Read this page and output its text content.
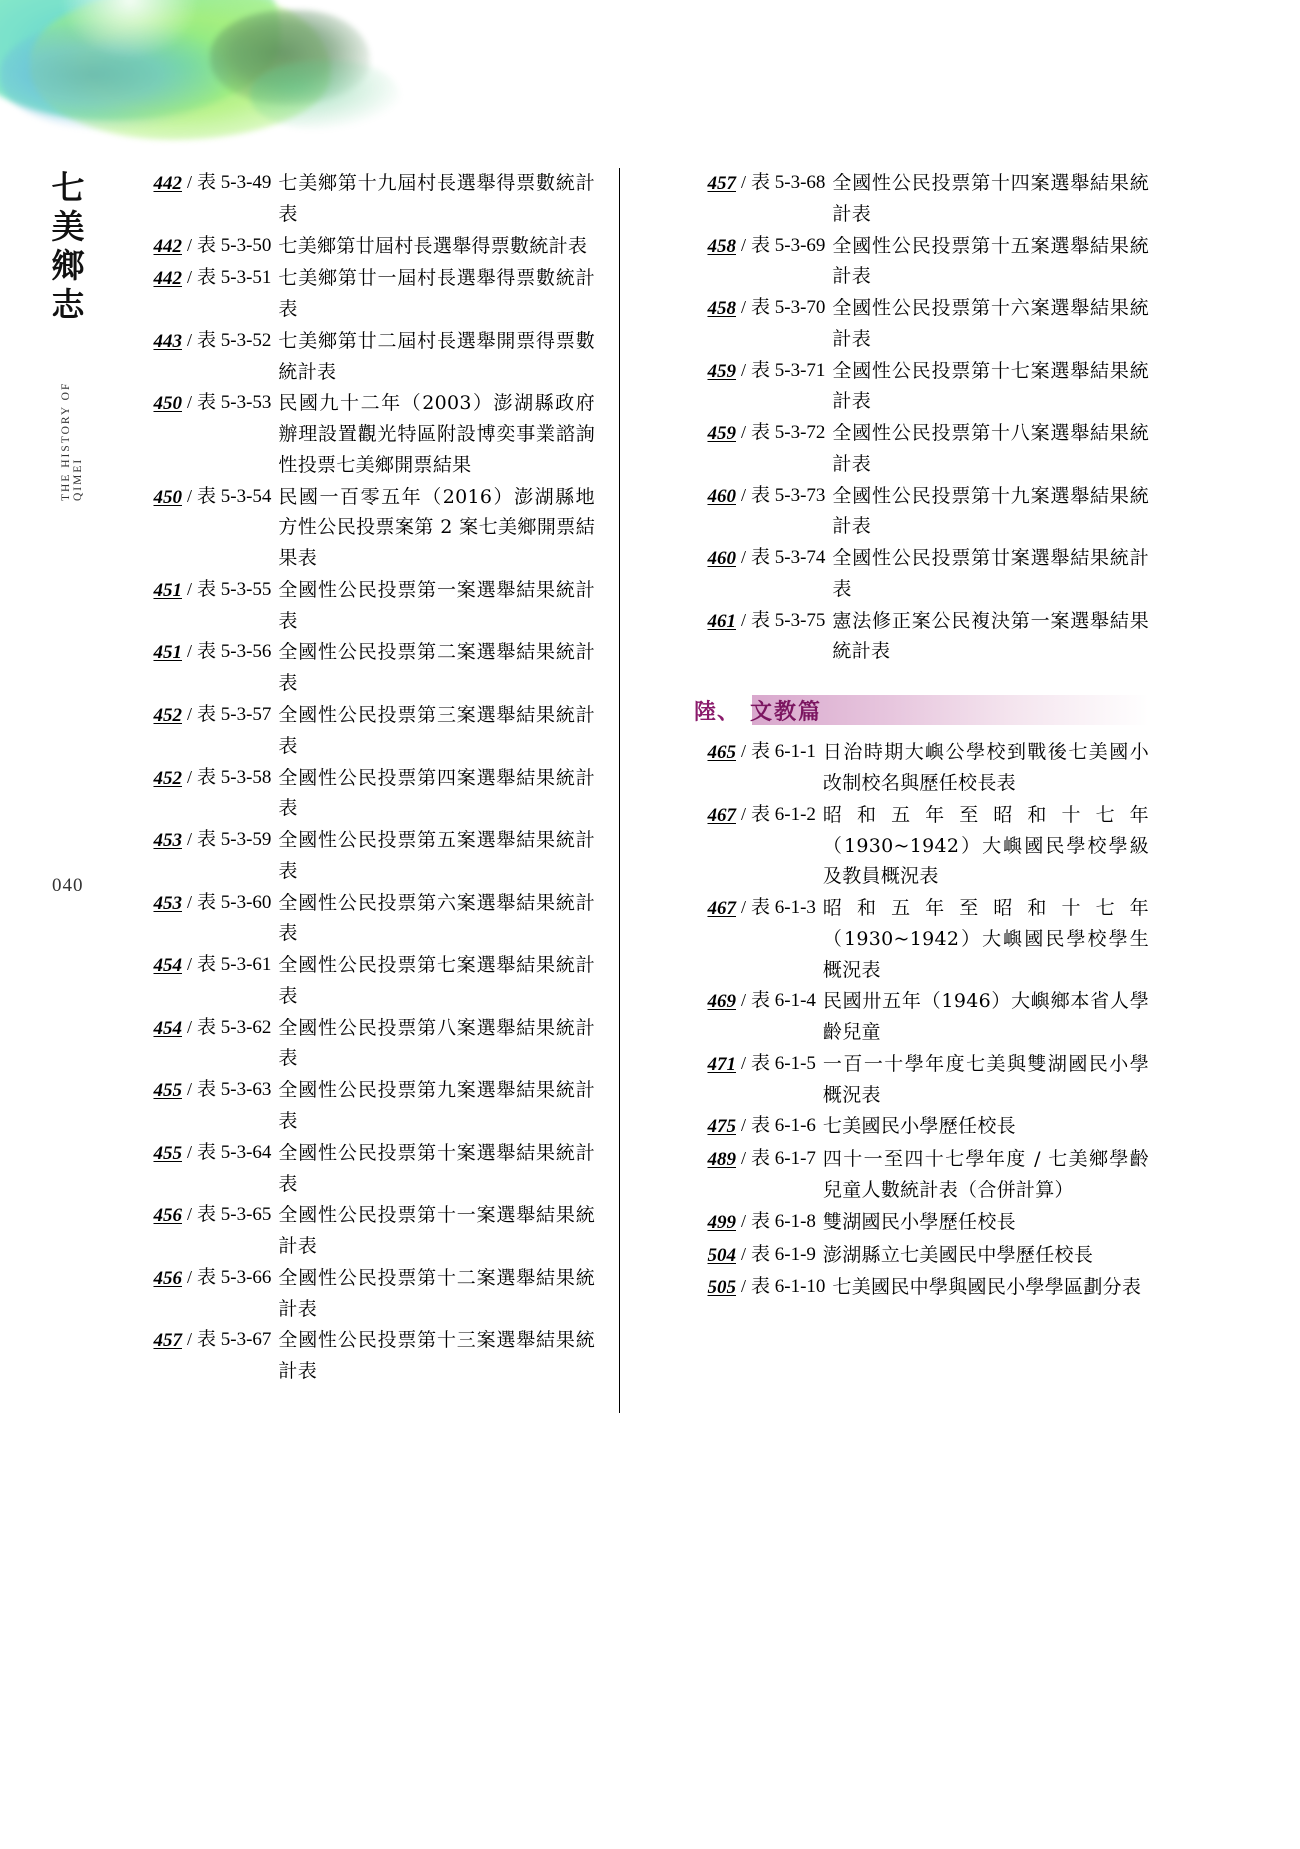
七美鄉志
THE HISTORY OF QIMEI
040
442 / 表 5-3-49 七美鄉第十九屆村長選舉得票數統計表
442 / 表 5-3-50 七美鄉第廿屆村長選舉得票數統計表
442 / 表 5-3-51 七美鄉第廿一屆村長選舉得票數統計表
443 / 表 5-3-52 七美鄉第廿二屆村長選舉開票得票數統計表
450 / 表 5-3-53 民國九十二年（2003）澎湖縣政府辦理設置觀光特區附設博奕事業諮詢性投票七美鄉開票結果
450 / 表 5-3-54 民國一百零五年（2016）澎湖縣地方性公民投票案第 2 案七美鄉開票結果表
451 / 表 5-3-55 全國性公民投票第一案選舉結果統計表
451 / 表 5-3-56 全國性公民投票第二案選舉結果統計表
452 / 表 5-3-57 全國性公民投票第三案選舉結果統計表
452 / 表 5-3-58 全國性公民投票第四案選舉結果統計表
453 / 表 5-3-59 全國性公民投票第五案選舉結果統計表
453 / 表 5-3-60 全國性公民投票第六案選舉結果統計表
454 / 表 5-3-61 全國性公民投票第七案選舉結果統計表
454 / 表 5-3-62 全國性公民投票第八案選舉結果統計表
455 / 表 5-3-63 全國性公民投票第九案選舉結果統計表
455 / 表 5-3-64 全國性公民投票第十案選舉結果統計表
456 / 表 5-3-65 全國性公民投票第十一案選舉結果統計表
456 / 表 5-3-66 全國性公民投票第十二案選舉結果統計表
457 / 表 5-3-67 全國性公民投票第十三案選舉結果統計表
457 / 表 5-3-68 全國性公民投票第十四案選舉結果統計表
458 / 表 5-3-69 全國性公民投票第十五案選舉結果統計表
458 / 表 5-3-70 全國性公民投票第十六案選舉結果統計表
459 / 表 5-3-71 全國性公民投票第十七案選舉結果統計表
459 / 表 5-3-72 全國性公民投票第十八案選舉結果統計表
460 / 表 5-3-73 全國性公民投票第十九案選舉結果統計表
460 / 表 5-3-74 全國性公民投票第廿案選舉結果統計表
461 / 表 5-3-75 憲法修正案公民複決第一案選舉結果統計表
陸、 文教篇
465 / 表 6-1-1 日治時期大嶼公學校到戰後七美國小改制校名與歷任校長表
467 / 表 6-1-2 昭和五年至昭和十七年（1930~1942）大嶼國民學校學級及教員概況表
467 / 表 6-1-3 昭和五年至昭和十七年（1930~1942）大嶼國民學校學生概況表
469 / 表 6-1-4 民國卅五年（1946）大嶼鄉本省人學齡兒童
471 / 表 6-1-5 一百一十學年度七美與雙湖國民小學概況表
475 / 表 6-1-6 七美國民小學歷任校長
489 / 表 6-1-7 四十一至四十七學年度 / 七美鄉學齡兒童人數統計表（合併計算）
499 / 表 6-1-8 雙湖國民小學歷任校長
504 / 表 6-1-9 澎湖縣立七美國民中學歷任校長
505 / 表 6-1-10 七美國民中學與國民小學學區劃分表
